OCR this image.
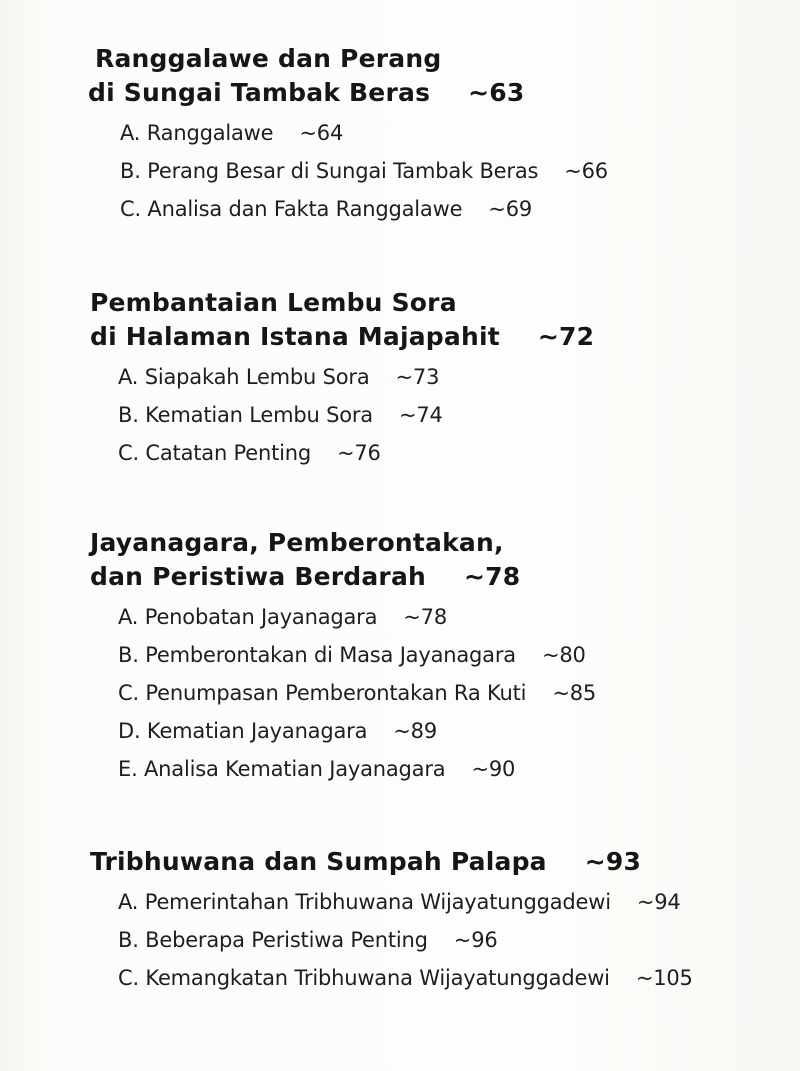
Ranggalawe dan Perang
di Sungai Tambak Beras ~63
A. Ranggalawe ~64
B. Perang Besar di Sungai Tambak Beras ~66
C. Analisa dan Fakta Ranggalawe ~69
Pembantaian Lembu Sora
di Halaman Istana Majapahit ~72
A. Siapakah Lembu Sora ~73
B. Kematian Lembu Sora ~74
C. Catatan Penting ~76
Jayanagara, Pemberontakan,
dan Peristiwa Berdarah ~78
A. Penobatan Jayanagara ~78
B. Pemberontakan di Masa Jayanagara ~80
C. Penumpasan Pemberontakan Ra Kuti ~85
D. Kematian Jayanagara ~89
E. Analisa Kematian Jayanagara ~90
Tribhuwana dan Sumpah Palapa ~93
A. Pemerintahan Tribhuwana Wijayatunggadewi ~94
B. Beberapa Peristiwa Penting ~96
C. Kemangkatan Tribhuwana Wijayatunggadewi ~105
